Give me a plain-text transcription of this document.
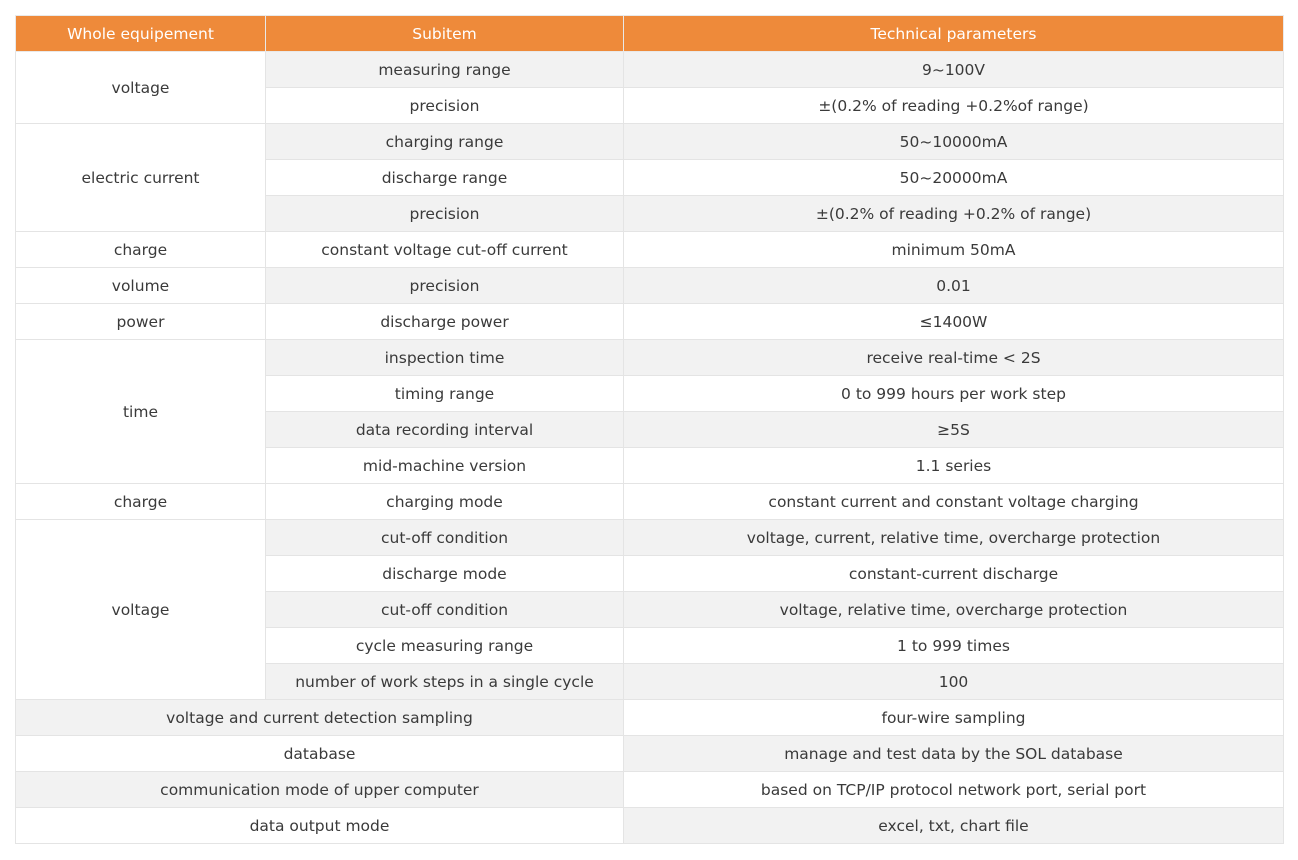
Whole equipement	Subitem	Technical parameters
voltage	measuring range	9~100V
	precision	±(0.2% of reading +0.2%of range)
electric current	charging range	50~10000mA
	discharge range	50~20000mA
	precision	±(0.2% of reading +0.2% of range)
charge	constant voltage cut-off current	minimum 50mA
volume	precision	0.01
power	discharge power	≤1400W
time	inspection time	receive real-time < 2S
	timing range	0 to 999 hours per work step
	data recording interval	≥5S
	mid-machine version	1.1 series
charge	charging mode	constant current and constant voltage charging
voltage	cut-off condition	voltage, current, relative time, overcharge protection
	discharge mode	constant-current discharge
	cut-off condition	voltage, relative time, overcharge protection
	cycle measuring range	1 to 999 times
	number of work steps in a single cycle	100
voltage and current detection sampling		four-wire sampling
database		manage and test data by the SOL database
communication mode of upper computer		based on TCP/IP protocol network port, serial port
data output mode		excel, txt, chart file
